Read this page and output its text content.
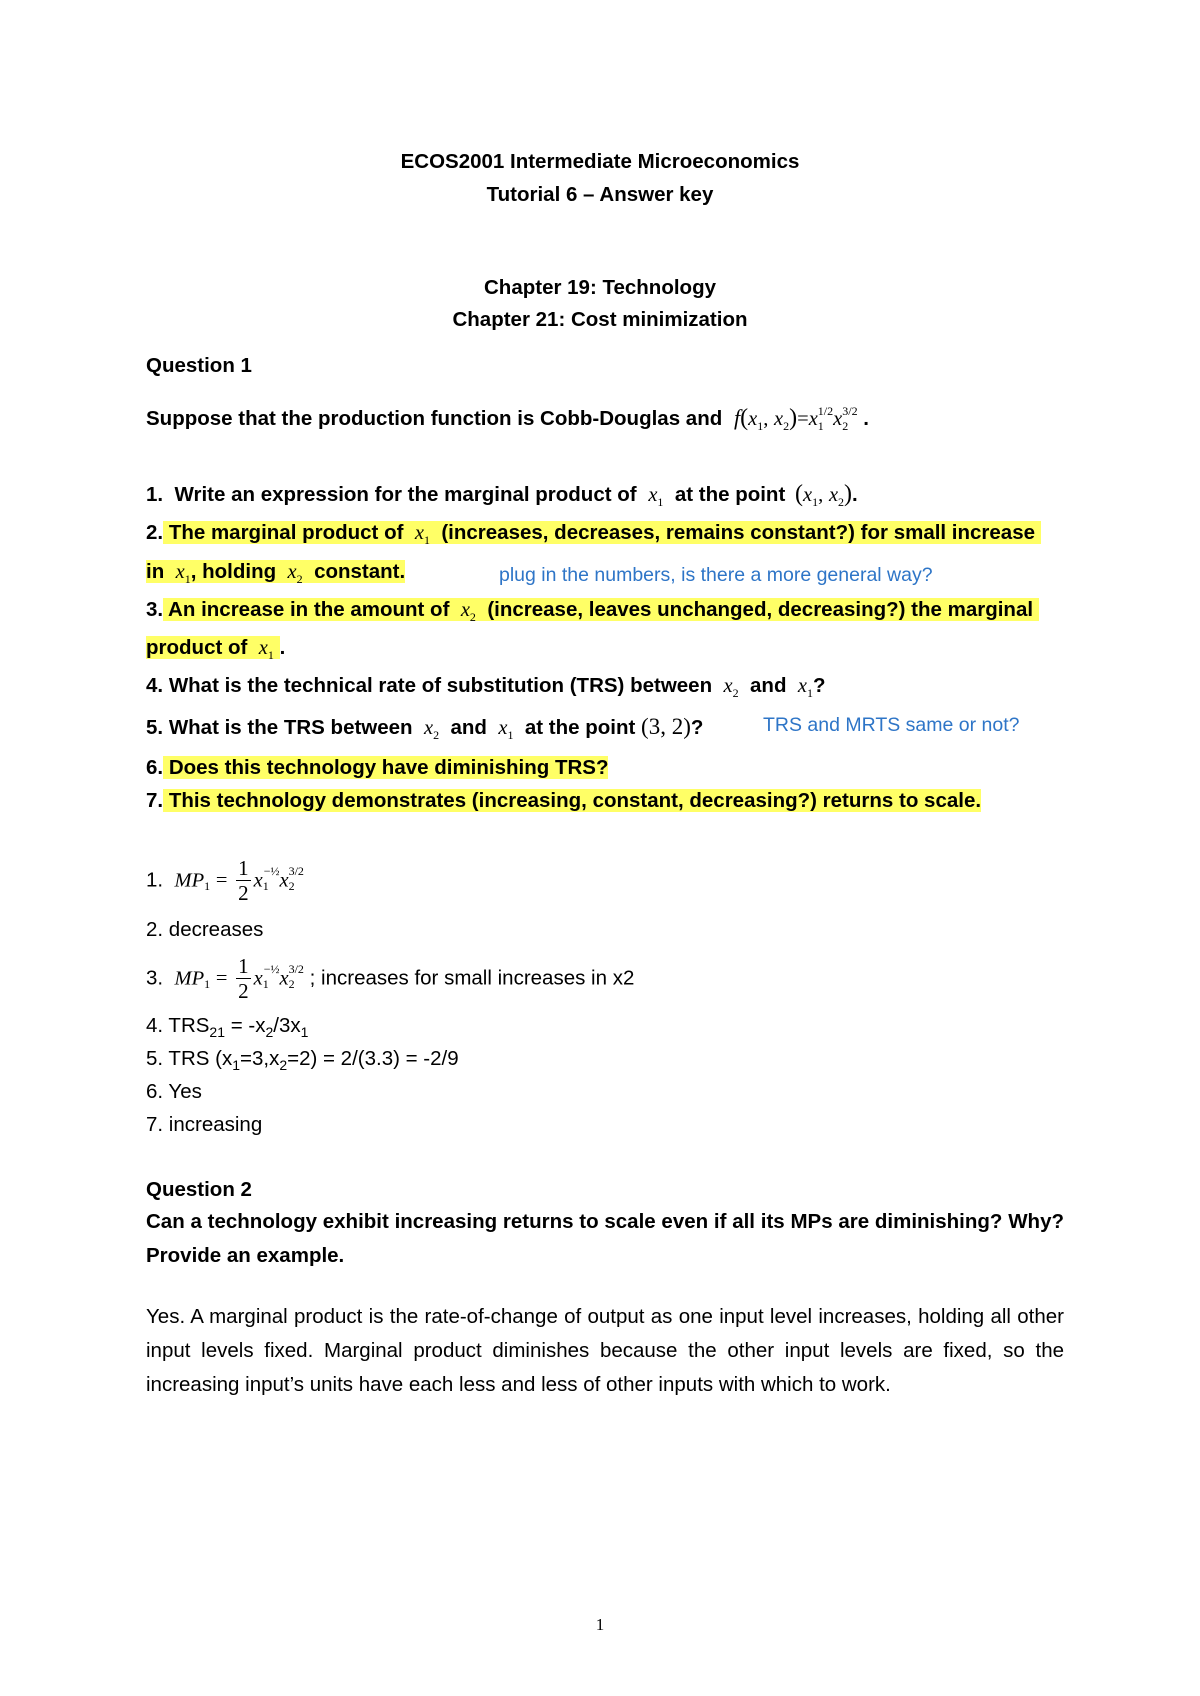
ECOS2001 Intermediate Microeconomics
Tutorial 6 – Answer key
Chapter 19: Technology
Chapter 21: Cost minimization
Question 1
Suppose that the production function is Cobb-Douglas and $f(x_1$, $x_2)=x_1^{1/2}x_2^{3/2}$ .
1. Write an expression for the marginal product of $x_1$ at the point ($x_1$, $x_2$).
2. The marginal product of $x_1$ (increases, decreases, remains constant?) for small increase
in $x_1$, holding $x_2$ constant.	plug in the numbers, is there a more general way?
3. An increase in the amount of $x_2$ (increase, leaves unchanged, decreasing?) the marginal
product of $x_1$ .
4. What is the technical rate of substitution (TRS) between $x_2$ and $x_1$?
5. What is the TRS between $x_2$ and $x_1$ at the point (3, 2)?	TRS and MRTS same or not?
6. Does this technology have diminishing TRS?
7. This technology demonstrates (increasing, constant, decreasing?) returns to scale.
1. $MP_1 = \frac{1}{2} x_1^{-\frac{1}{2}}x_2^{3/2}$
2. decreases
3. $MP_1 = \frac{1}{2} x_1^{-\frac{1}{2}}x_2^{3/2}$ ; increases for small increases in x2
4. $TRS_{21} = -x_2/3x_1$
5. TRS $(x_1=3,x_2=2) = 2/(3.3) = -2/9$
6. Yes
7. increasing
Question 2
Can a technology exhibit increasing returns to scale even if all its MPs are diminishing? Why? Provide an example.
Yes. A marginal product is the rate-of-change of output as one input level increases, holding all other input levels fixed. Marginal product diminishes because the other input levels are fixed, so the increasing input’s units have each less and less of other inputs with which to work.
1
